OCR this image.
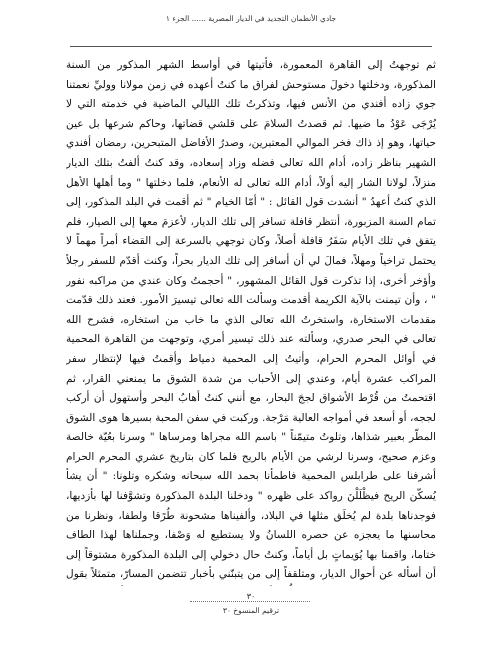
جادي الأنظمان التجديد في الديار المصرية ...... الجزء ١

ثم توجهتُ إلى القاهرة المعمورة، فأتيتها في أواسط الشهر المذكور من السنة المذكورة، ودخلتها دخولَ مستوحش لفراق ما كنتُ أعهده في زمن مولانا ووليِّ نعمتنا جوي زاده أفندي من الأنس فيها، وتذكرتُ تلك الليالي الماضية في خدمته التي لا يُرْجَى عَوْدُ ما ضيها. ثم قصدتُ السلامَ على قلشي قضاتها، وحاكم شرعها بل عين حياتها، وهو إذ ذاك فخر الموالي المعتبرين، وصدرُ الأفاضل المتبحرين، رمضان أفندي الشهير بناظر زاده، أدام الله تعالى فضله وزاد إسعاده، وقد كنتُ ألفتُ بتلك الديار منزلاً، لولانا الشار إليه أولاً، أدام الله تعالى له الأنعام، فلما دخلتها " وما أهلها الأهل الذي كنتُ أعهدُ " أنشدت قول القائل : " أمّا الخيام " ثم أقمت في البلد المذكور، إلى تمام السنة المزبورة، أنتظر قافلة تسافر إلى تلك الديار، لأعزمَ معها إلى الصيار، فلم يتفق في تلك الأيام سَفَرُ قافلة أصلاً، وكان توجهي بالسرعة إلى القضاء أمراً مهماً لا يحتمل تراخياً ومهلاً، فمالَ لي أن أسافر إلى تلك الديار بحراً، وكنت أقدّم للسفر رجلاً وأؤخر أخرى، إذا تذكرت قول القائل المشهور، " أحجمتُ وكان عندي من مراكبه نفور " ، وأن تيمنت بالآية الكريمة أقدمت وسألت الله تعالى تيسيرَ الأمور. فعند ذلك قدّمت مقدمات الاستخارة، واستخرتُ الله تعالى الذي ما خاب من استخاره، فشرح الله تعالى في البحر صدري، وسألته عند ذلك تيسير أمري، وتوجهت من القاهرة المحمية في أوائل المحرم الحرام، وأتيتُ إلى المحمية دمياط وأقمتُ فيها لإنتظار سفر المراكب عشرة أيام، وعندي إلى الأحباب من شدة الشوق ما يمنعني القرار، ثم اقتحمتُ من قُرْط الأشواق لججَ البحار، مع أنني كنتُ أهابُ البحر وأستهول أن أركب لججه، أو أسعد في أمواجه العالية مَرْجة. وركبت في سفن المحبة بسيرها هوى الشوق المطّر بعبير شذاها، وتلوتُ متيمّناً " باسم الله مجراها ومرساها " وسرنا بعُيّة خالصة وعزم صحيح، وسرنا لرشي من الأيام بالريح فلما كان بتاريخ عشري المحرم الحرام أشرفنا على طرابلس المحمية فاطمأنا بحمد الله سبحانه وشكره وتلونا: " أن يشأ يُسكّن الريح فيظْلَلْنَ رواكد على ظهره " ودخلنا البلدة المذكورة وتشوَّفنا لها بأزديها، فوجدناها بلدة لم يُخلَق مثلها في البلاد، وألفيناها مشحونة طُرًقا ولطفا، ونظرنا من محاسنها ما يعجزه عن حصره اللسانُ ولا يستطيع له وَصْفا، وجملناها لهذا الطاف ختاما، واقمنا بها يُوَيماتٍ بل أياماً، وكنتُ حال دخولي إلى البلدة المذكورة مشتوقاً إلى أن أسأله عن أحوال الديار، ومتلقفاً إلى من يتبنّني بأخبار تتضمن المسارّ، متمثلاً بقول

٣٠
ترقيم المنسوخ ٣٠
